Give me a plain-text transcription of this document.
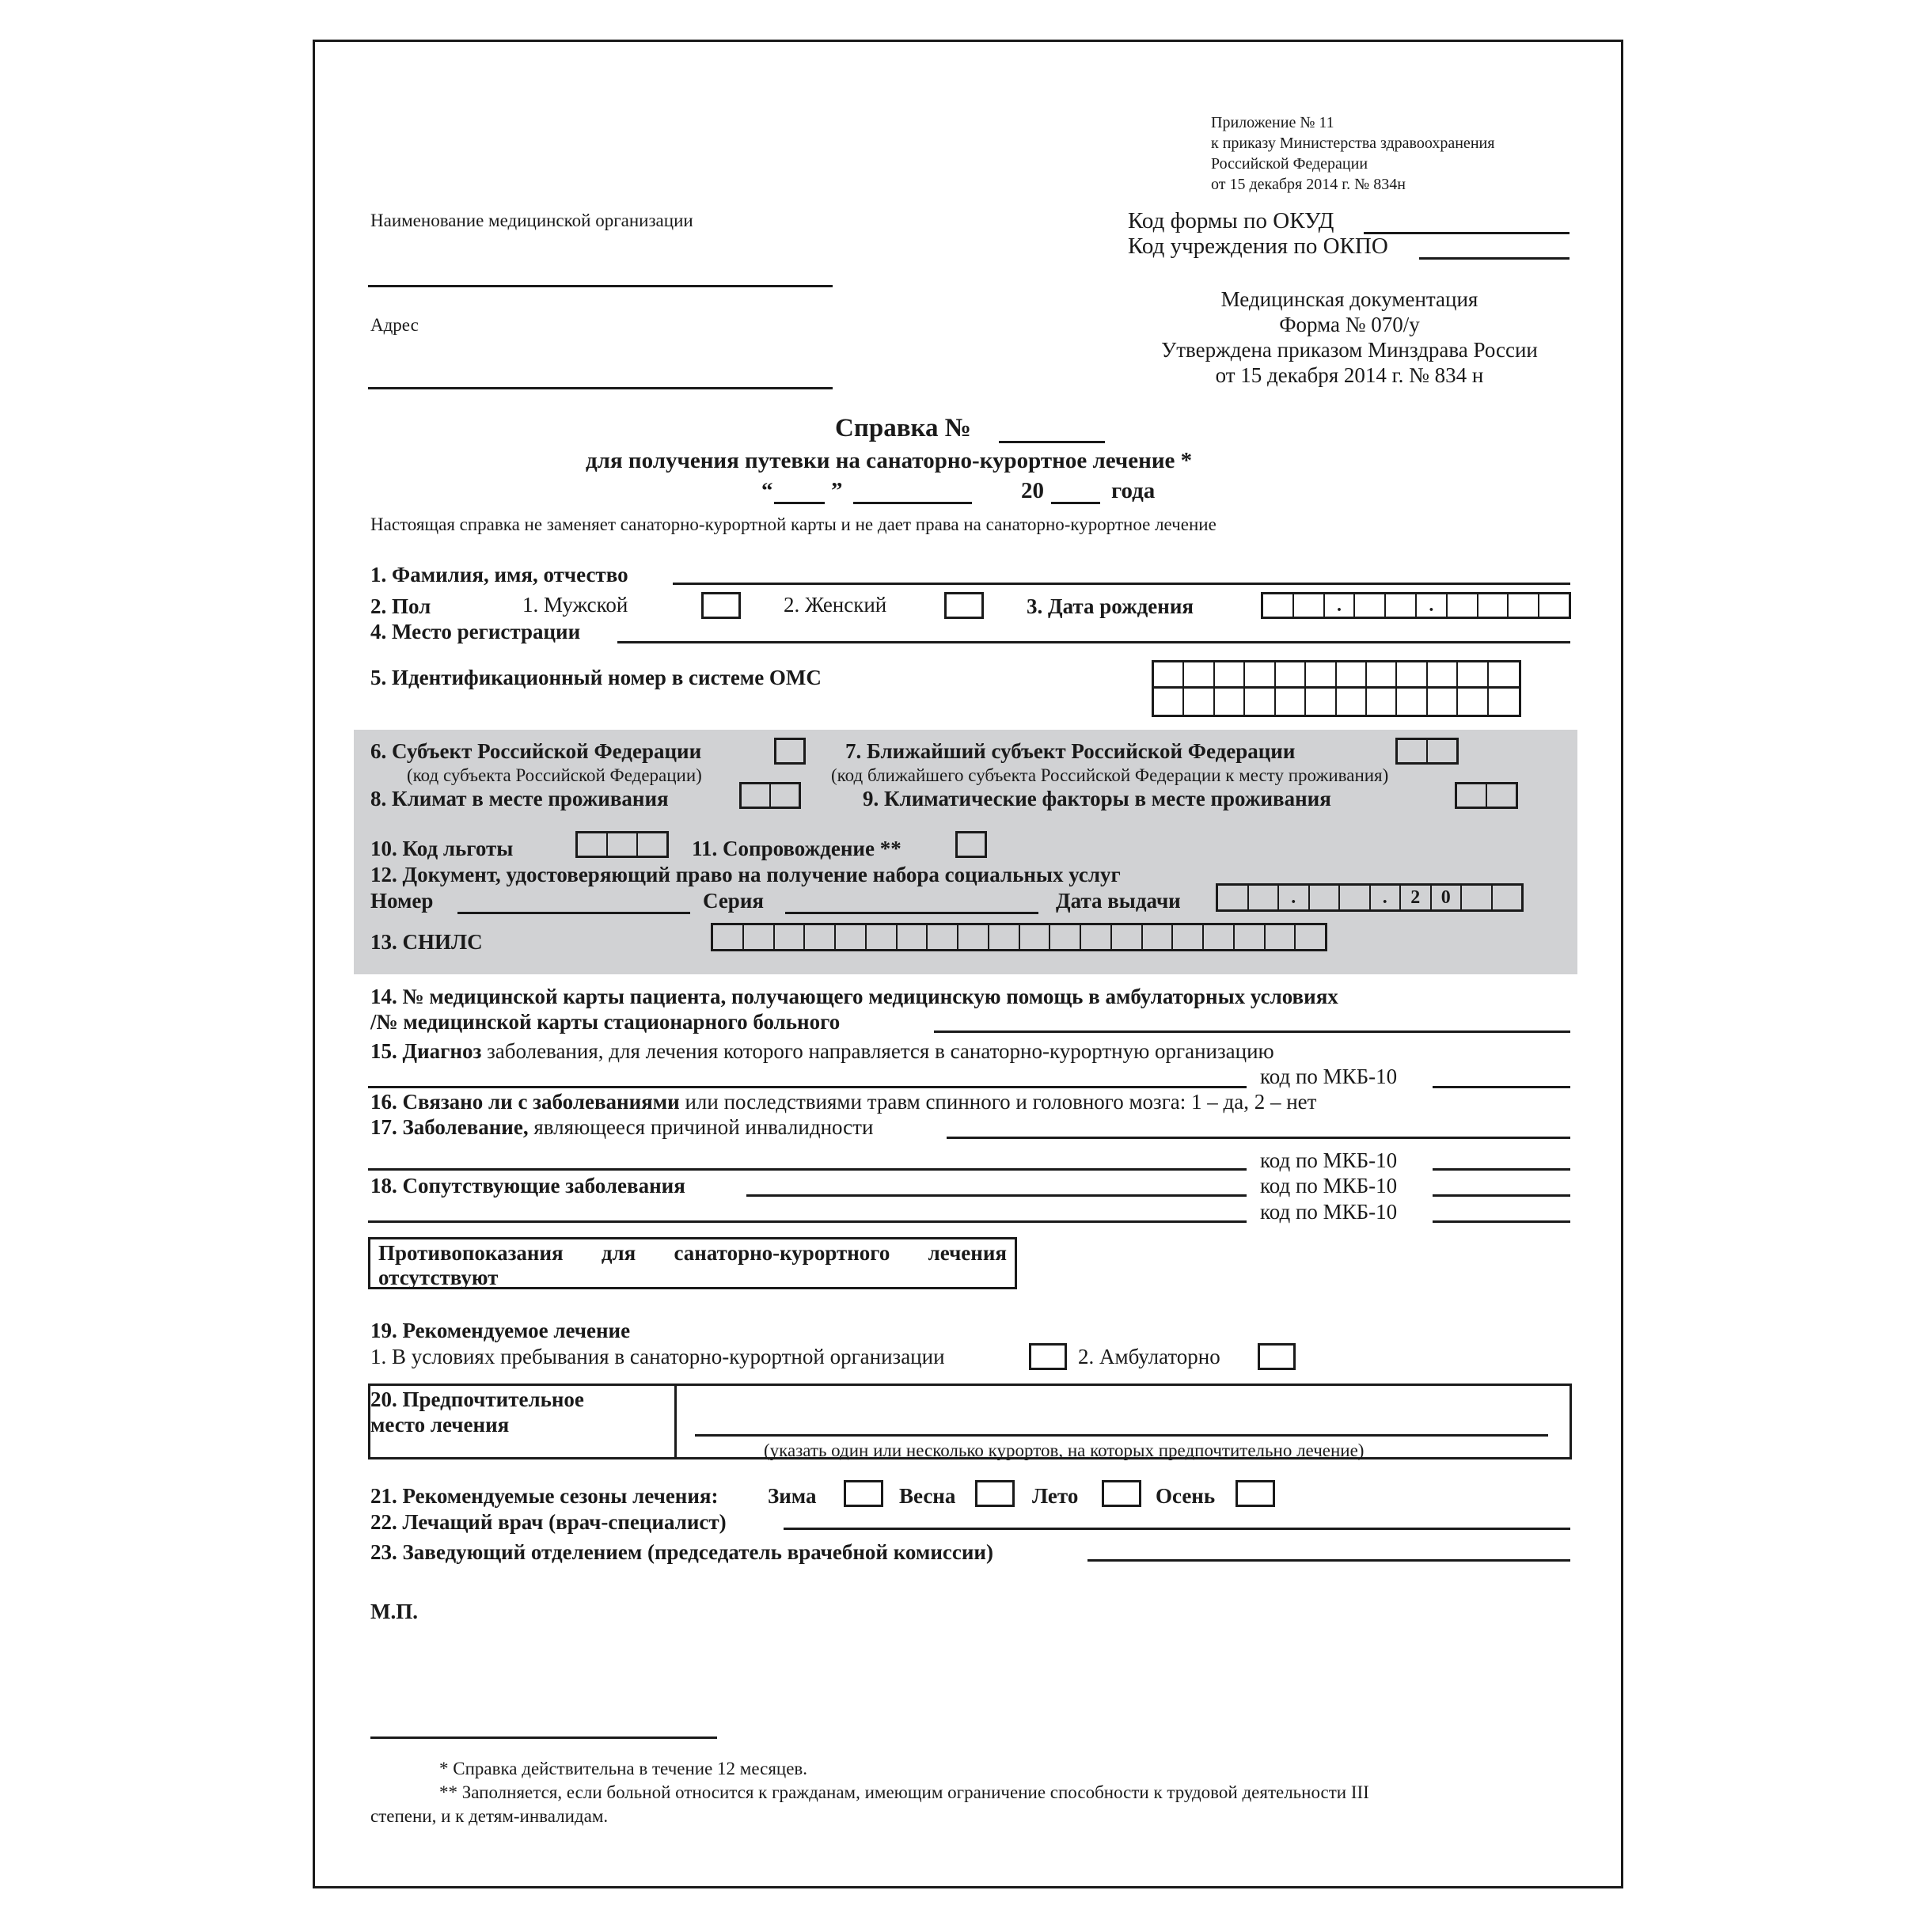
Приложение № 11
к приказу Министерства здравоохранения
Российской Федерации
от 15 декабря 2014 г. № 834н
Наименование медицинской организации
Адрес
Код формы по ОКУД
Код учреждения по ОКПО
Медицинская документация
Форма № 070/у
Утверждена приказом Минздрава России
от 15 декабря 2014 г. № 834 н
Справка №
для получения путевки на санаторно-курортное лечение *
“	”	20	года
Настоящая справка не заменяет санаторно-курортной карты и не дает права на санаторно-курортное лечение
1. Фамилия, имя, отчество
2. Пол	1. Мужской	2. Женский	3. Дата рождения	.	.
4. Место регистрации
5. Идентификационный номер в системе ОМС
6. Субъект Российской Федерации
(код субъекта Российской Федерации)
7. Ближайший субъект Российской Федерации
(код ближайшего субъекта Российской Федерации к месту проживания)
8. Климат в месте проживания	9. Климатические факторы в месте проживания
10. Код льготы	11. Сопровождение **
12. Документ, удостоверяющий право на получение набора социальных услуг
Номер	Серия	Дата выдачи	.	.	2	0
13. СНИЛС
14. № медицинской карты пациента, получающего медицинскую помощь в амбулаторных условиях
/№ медицинской карты стационарного больного
15. Диагноз заболевания, для лечения которого направляется в санаторно-курортную организацию
код по МКБ-10
16. Связано ли с заболеваниями или последствиями травм спинного и головного мозга: 1 – да, 2 – нет
17. Заболевание, являющееся причиной инвалидности
код по МКБ-10
18. Сопутствующие заболевания	код по МКБ-10
код по МКБ-10
Противопоказания для санаторно-курортного лечения отсутствуют
19. Рекомендуемое лечение
1. В условиях пребывания в санаторно-курортной организации	2. Амбулаторно
20. Предпочтительное
место лечения
(указать один или несколько курортов, на которых предпочтительно лечение)
21. Рекомендуемые сезоны лечения: Зима	Весна	Лето	Осень
22. Лечащий врач (врач-специалист)
23. Заведующий отделением (председатель врачебной комиссии)
М.П.
* Справка действительна в течение 12 месяцев.
** Заполняется, если больной относится к гражданам, имеющим ограничение способности к трудовой деятельности III
степени, и к детям-инвалидам.
